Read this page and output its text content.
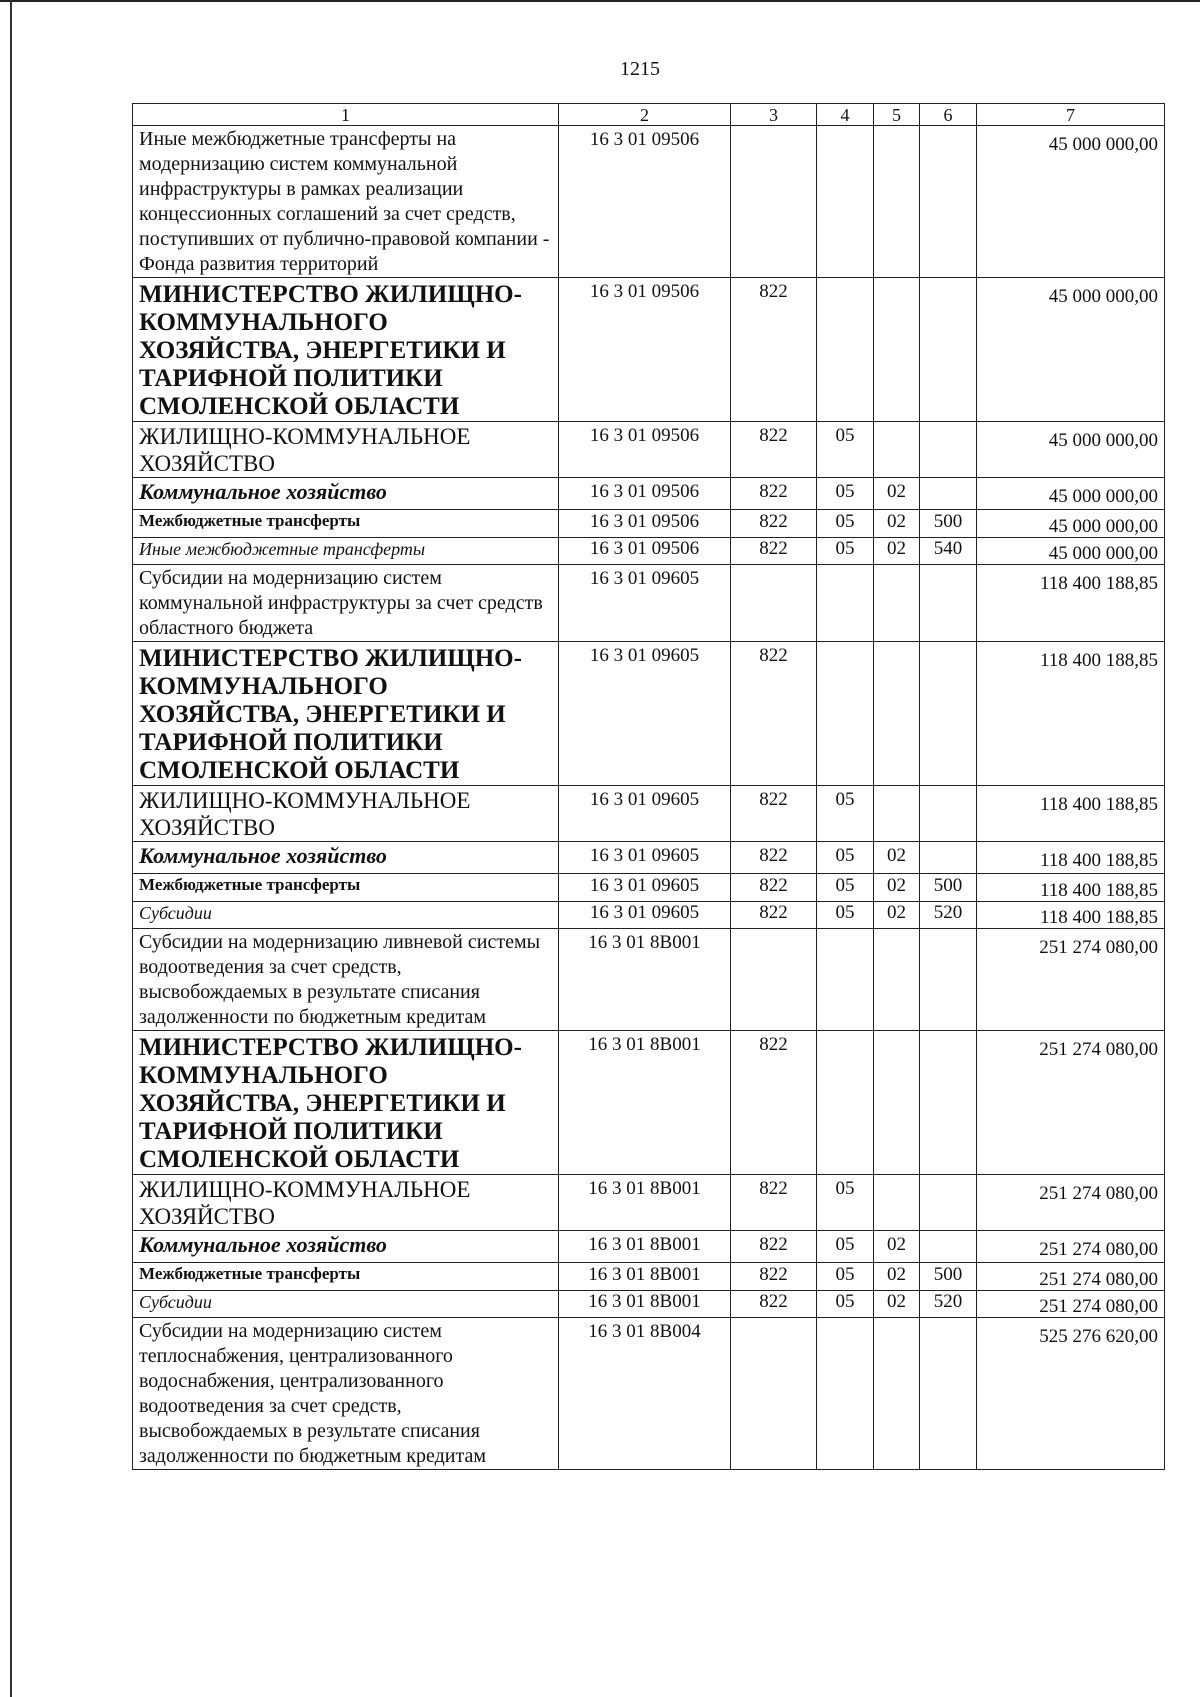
1215
1	2	3	4	5	6	7
Иные межбюджетные трансферты на модернизацию систем коммунальной инфраструктуры в рамках реализации концессионных соглашений за счет средств, поступивших от публично-правовой компании - Фонда развития территорий	16 3 01 09506					45 000 000,00
МИНИСТЕРСТВО ЖИЛИЩНО-КОММУНАЛЬНОГО ХОЗЯЙСТВА, ЭНЕРГЕТИКИ И ТАРИФНОЙ ПОЛИТИКИ СМОЛЕНСКОЙ ОБЛАСТИ	16 3 01 09506	822				45 000 000,00
ЖИЛИЩНО-КОММУНАЛЬНОЕ ХОЗЯЙСТВО	16 3 01 09506	822	05			45 000 000,00
Коммунальное хозяйство	16 3 01 09506	822	05	02		45 000 000,00
Межбюджетные трансферты	16 3 01 09506	822	05	02	500	45 000 000,00
Иные межбюджетные трансферты	16 3 01 09506	822	05	02	540	45 000 000,00
Субсидии на модернизацию систем коммунальной инфраструктуры за счет средств областного бюджета	16 3 01 09605					118 400 188,85
МИНИСТЕРСТВО ЖИЛИЩНО-КОММУНАЛЬНОГО ХОЗЯЙСТВА, ЭНЕРГЕТИКИ И ТАРИФНОЙ ПОЛИТИКИ СМОЛЕНСКОЙ ОБЛАСТИ	16 3 01 09605	822				118 400 188,85
ЖИЛИЩНО-КОММУНАЛЬНОЕ ХОЗЯЙСТВО	16 3 01 09605	822	05			118 400 188,85
Коммунальное хозяйство	16 3 01 09605	822	05	02		118 400 188,85
Межбюджетные трансферты	16 3 01 09605	822	05	02	500	118 400 188,85
Субсидии	16 3 01 09605	822	05	02	520	118 400 188,85
Субсидии на модернизацию ливневой системы водоотведения за счет средств, высвобождаемых в результате списания задолженности по бюджетным кредитам	16 3 01 8В001					251 274 080,00
МИНИСТЕРСТВО ЖИЛИЩНО-КОММУНАЛЬНОГО ХОЗЯЙСТВА, ЭНЕРГЕТИКИ И ТАРИФНОЙ ПОЛИТИКИ СМОЛЕНСКОЙ ОБЛАСТИ	16 3 01 8В001	822				251 274 080,00
ЖИЛИЩНО-КОММУНАЛЬНОЕ ХОЗЯЙСТВО	16 3 01 8В001	822	05			251 274 080,00
Коммунальное хозяйство	16 3 01 8В001	822	05	02		251 274 080,00
Межбюджетные трансферты	16 3 01 8В001	822	05	02	500	251 274 080,00
Субсидии	16 3 01 8В001	822	05	02	520	251 274 080,00
Субсидии на модернизацию систем теплоснабжения, централизованного водоснабжения, централизованного водоотведения за счет средств, высвобождаемых в результате списания задолженности по бюджетным кредитам	16 3 01 8В004					525 276 620,00
